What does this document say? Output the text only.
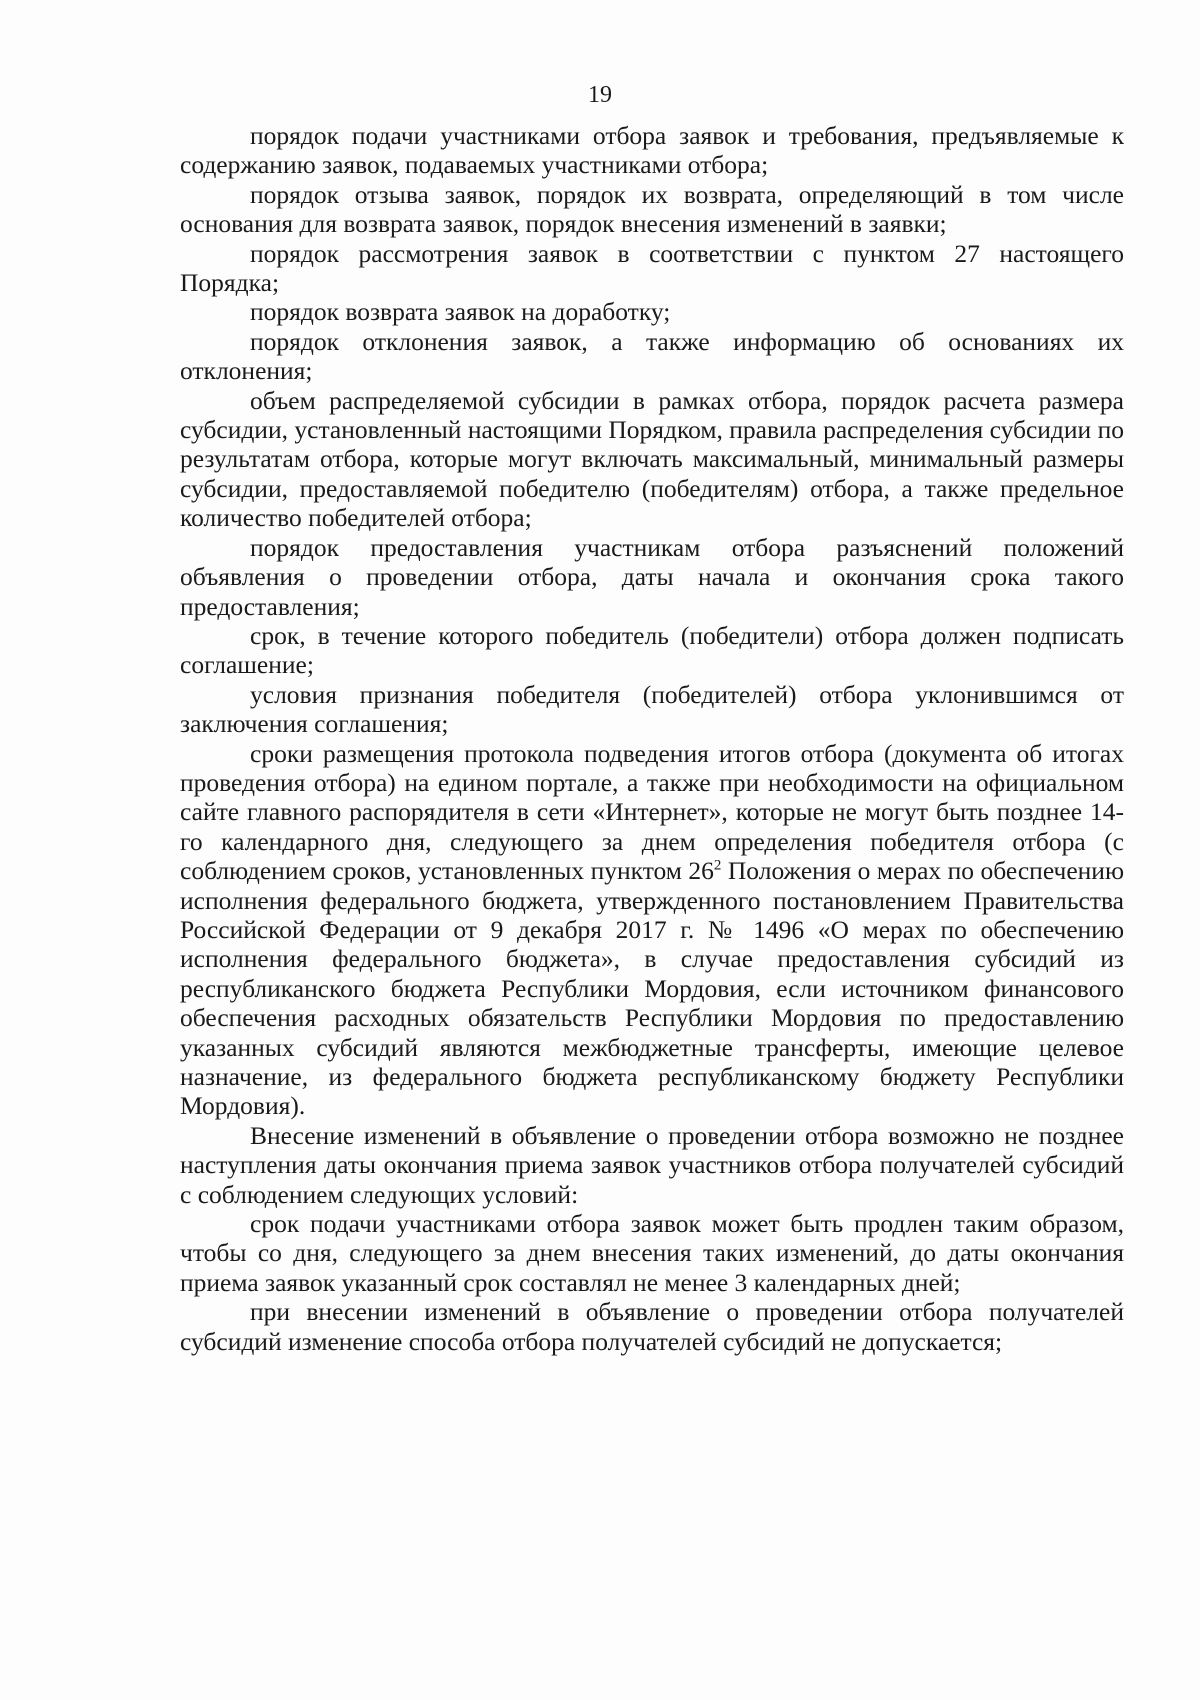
19

порядок подачи участниками отбора заявок и требования, предъявляемые к содержанию заявок, подаваемых участниками отбора;

порядок отзыва заявок, порядок их возврата, определяющий в том числе основания для возврата заявок, порядок внесения изменений в заявки;

порядок рассмотрения заявок в соответствии с пунктом 27 настоящего Порядка;

порядок возврата заявок на доработку;

порядок отклонения заявок, а также информацию об основаниях их отклонения;

объем распределяемой субсидии в рамках отбора, порядок расчета размера субсидии, установленный настоящими Порядком, правила распределения субсидии по результатам отбора, которые могут включать максимальный, минимальный размеры субсидии, предоставляемой победителю (победителям) отбора, а также предельное количество победителей отбора;

порядок предоставления участникам отбора разъяснений положений объявления о проведении отбора, даты начала и окончания срока такого предоставления;

срок, в течение которого победитель (победители) отбора должен подписать соглашение;

условия признания победителя (победителей) отбора уклонившимся от заключения соглашения;

сроки размещения протокола подведения итогов отбора (документа об итогах проведения отбора) на едином портале, а также при необходимости на официальном сайте главного распорядителя в сети «Интернет», которые не могут быть позднее 14-го календарного дня, следующего за днем определения победителя отбора (с соблюдением сроков, установленных пунктом $26^2$ Положения о мерах по обеспечению исполнения федерального бюджета, утвержденного постановлением Правительства Российской Федерации от 9 декабря 2017 г. № 1496 «О мерах по обеспечению исполнения федерального бюджета», в случае предоставления субсидий из республиканского бюджета Республики Мордовия, если источником финансового обеспечения расходных обязательств Республики Мордовия по предоставлению указанных субсидий являются межбюджетные трансферты, имеющие целевое назначение, из федерального бюджета республиканскому бюджету Республики Мордовия).

Внесение изменений в объявление о проведении отбора возможно не позднее наступления даты окончания приема заявок участников отбора получателей субсидий с соблюдением следующих условий:

срок подачи участниками отбора заявок может быть продлен таким образом, чтобы со дня, следующего за днем внесения таких изменений, до даты окончания приема заявок указанный срок составлял не менее 3 календарных дней;

при внесении изменений в объявление о проведении отбора получателей субсидий изменение способа отбора получателей субсидий не допускается;
